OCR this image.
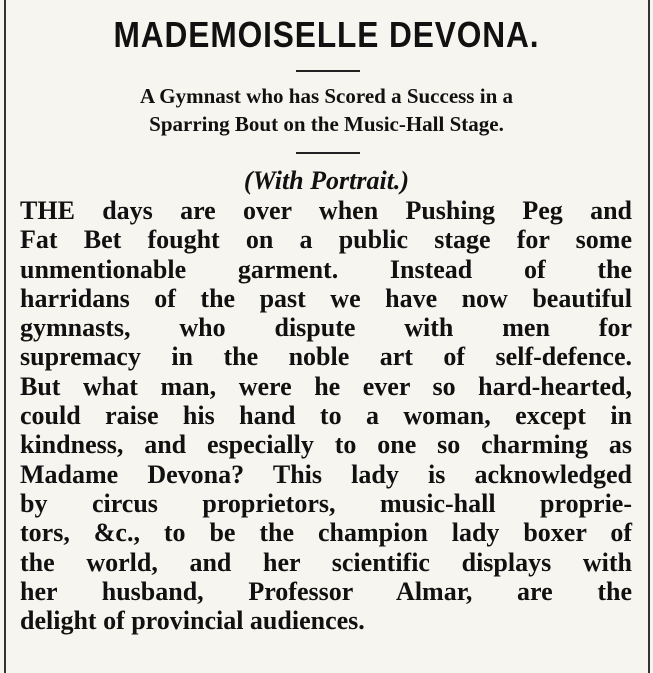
MADEMOISELLE DEVONA.
A Gymnast who has Scored a Success in a
Sparring Bout on the Music-Hall Stage.
(With Portrait.)
THE days are over when Pushing Peg and
Fat Bet fought on a public stage for some
unmentionable garment. Instead of the
harridans of the past we have now beautiful
gymnasts, who dispute with men for
supremacy in the noble art of self-defence.
But what man, were he ever so hard-hearted,
could raise his hand to a woman, except in
kindness, and especially to one so charming as
Madame Devona? This lady is acknowledged
by circus proprietors, music-hall proprie-
tors, &c., to be the champion lady boxer of
the world, and her scientific displays with
her husband, Professor Almar, are the
delight of provincial audiences.
